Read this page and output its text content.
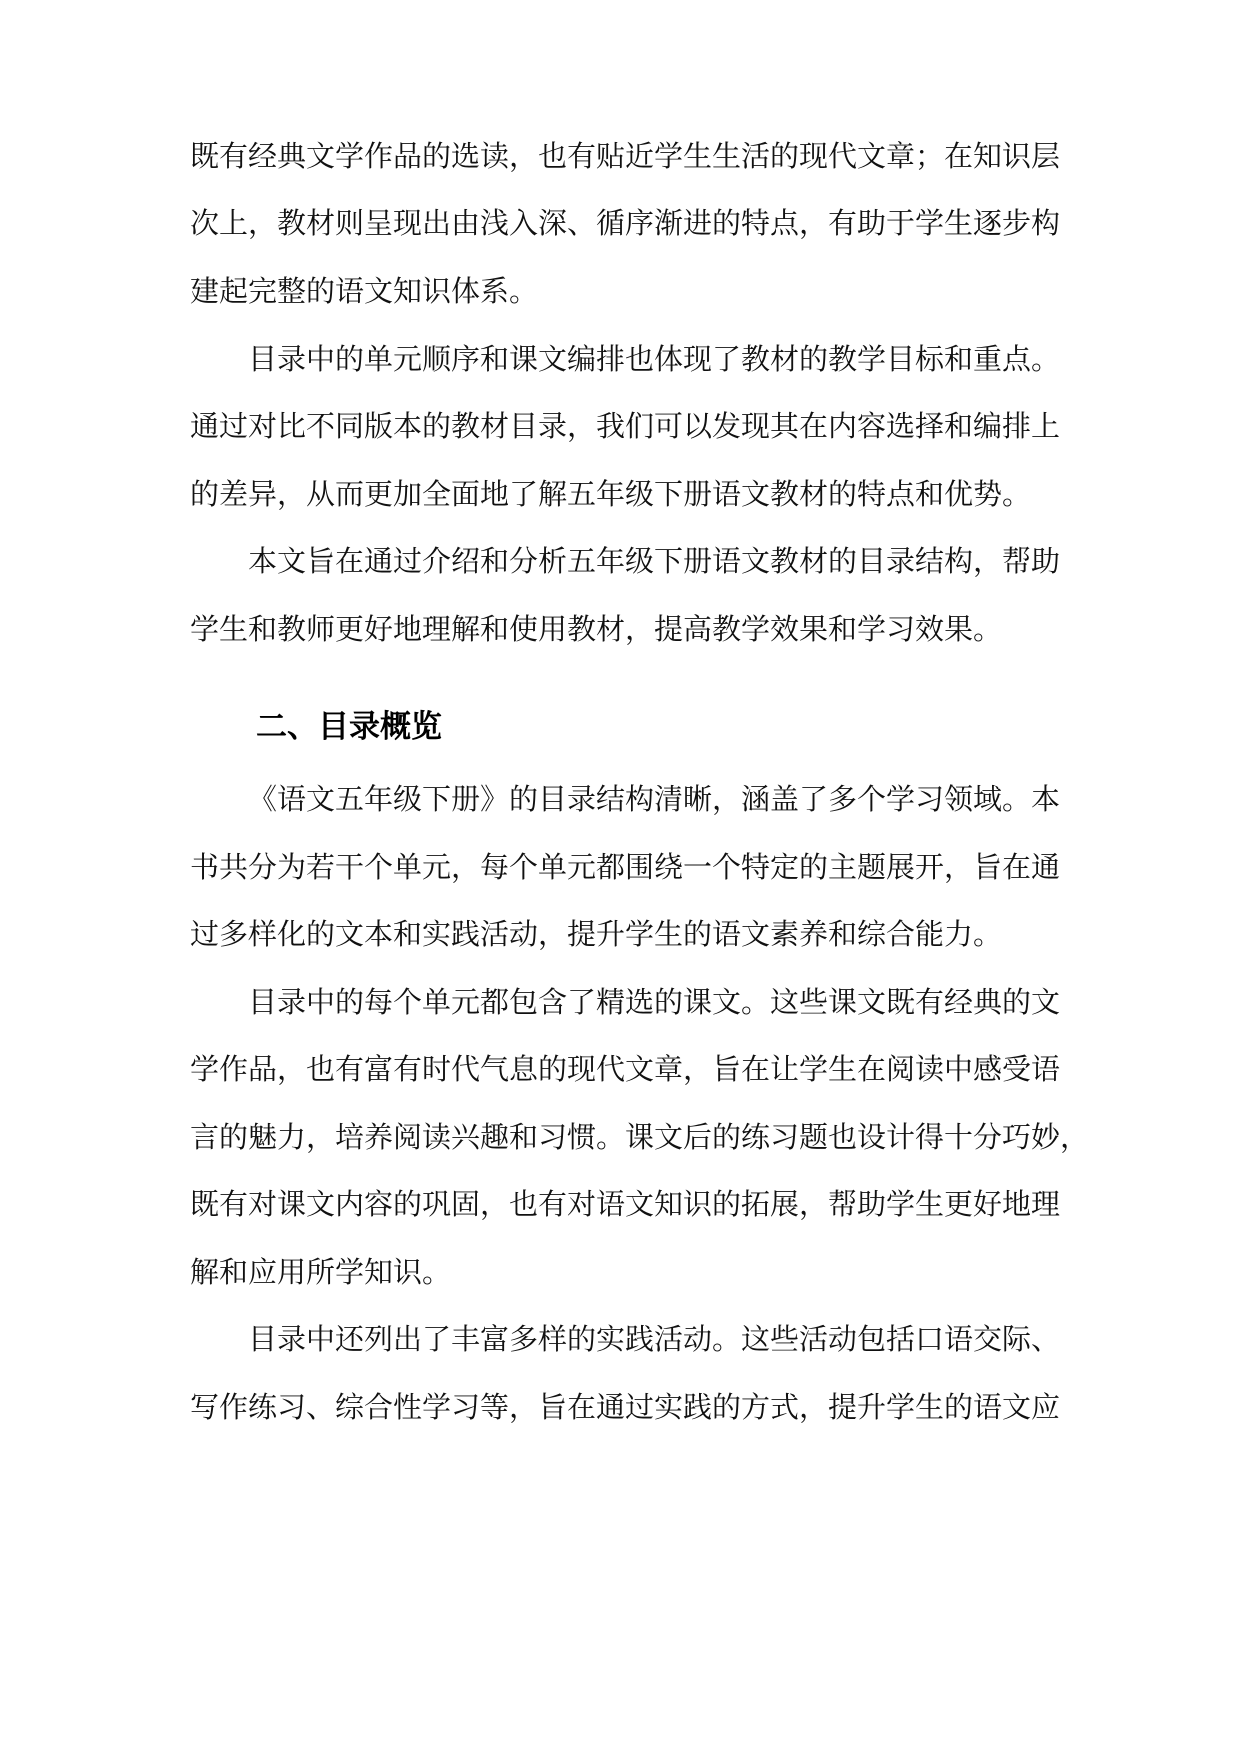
既有经典文学作品的选读，也有贴近学生生活的现代文章；在知识层
次上，教材则呈现出由浅入深、循序渐进的特点，有助于学生逐步构
建起完整的语文知识体系。
目录中的单元顺序和课文编排也体现了教材的教学目标和重点。
通过对比不同版本的教材目录，我们可以发现其在内容选择和编排上
的差异，从而更加全面地了解五年级下册语文教材的特点和优势。
本文旨在通过介绍和分析五年级下册语文教材的目录结构，帮助
学生和教师更好地理解和使用教材，提高教学效果和学习效果。
二、目录概览
《语文五年级下册》的目录结构清晰，涵盖了多个学习领域。本
书共分为若干个单元，每个单元都围绕一个特定的主题展开，旨在通
过多样化的文本和实践活动，提升学生的语文素养和综合能力。
目录中的每个单元都包含了精选的课文。这些课文既有经典的文
学作品，也有富有时代气息的现代文章，旨在让学生在阅读中感受语
言的魅力，培养阅读兴趣和习惯。课文后的练习题也设计得十分巧妙，
既有对课文内容的巩固，也有对语文知识的拓展，帮助学生更好地理
解和应用所学知识。
目录中还列出了丰富多样的实践活动。这些活动包括口语交际、
写作练习、综合性学习等，旨在通过实践的方式，提升学生的语文应
